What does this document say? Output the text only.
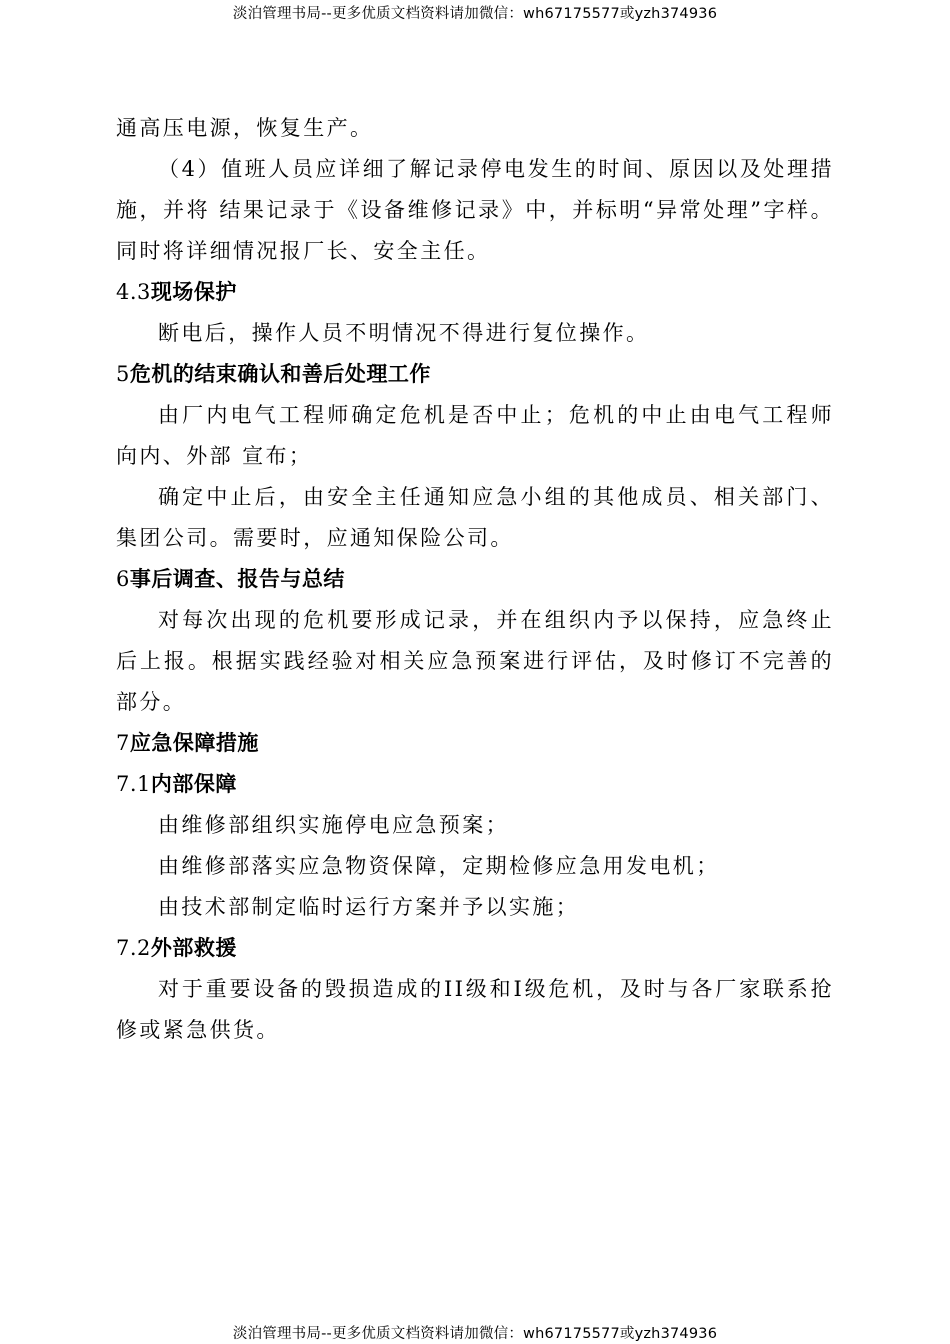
淡泊管理书局--更多优质文档资料请加微信：wh67175577或yzh374936

通高压电源，恢复生产。

（4）值班人员应详细了解记录停电发生的时间、原因以及处理措施，并将 结果记录于《设备维修记录》中，并标明“异常处理”字样。同时将详细情况报厂长、安全主任。

4.3现场保护

断电后，操作人员不明情况不得进行复位操作。

5危机的结束确认和善后处理工作

由厂内电气工程师确定危机是否中止；危机的中止由电气工程师向内、外部 宣布；

确定中止后，由安全主任通知应急小组的其他成员、相关部门、集团公司。需要时，应通知保险公司。

6事后调查、报告与总结

对每次出现的危机要形成记录，并在组织内予以保持，应急终止后上报。根据实践经验对相关应急预案进行评估，及时修订不完善的部分。

7应急保障措施
7.1内部保障

由维修部组织实施停电应急预案；

由维修部落实应急物资保障，定期检修应急用发电机；

由技术部制定临时运行方案并予以实施；

7.2外部救援

对于重要设备的毁损造成的II级和I级危机，及时与各厂家联系抢修或紧急供货。

淡泊管理书局--更多优质文档资料请加微信：wh67175577或yzh374936
